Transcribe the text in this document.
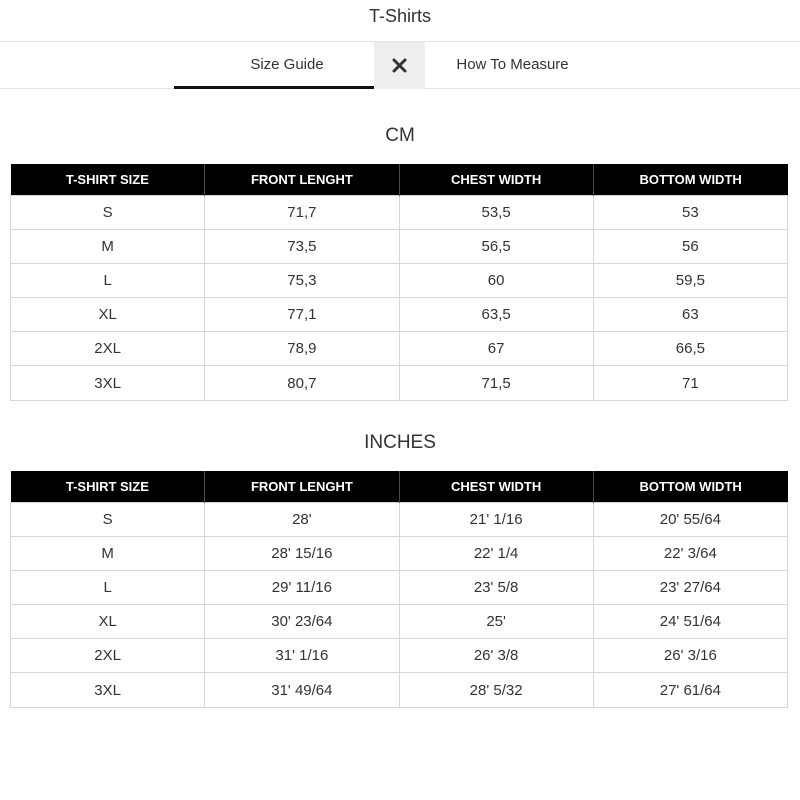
T-Shirts
Size Guide	How To Measure
CM
T-SHIRT SIZE	FRONT LENGHT	CHEST WIDTH	BOTTOM WIDTH
S	71,7	53,5	53
M	73,5	56,5	56
L	75,3	60	59,5
XL	77,1	63,5	63
2XL	78,9	67	66,5
3XL	80,7	71,5	71
INCHES
T-SHIRT SIZE	FRONT LENGHT	CHEST WIDTH	BOTTOM WIDTH
S	28'	21' 1/16	20' 55/64
M	28' 15/16	22' 1/4	22' 3/64
L	29' 11/16	23' 5/8	23' 27/64
XL	30' 23/64	25'	24' 51/64
2XL	31' 1/16	26' 3/8	26' 3/16
3XL	31' 49/64	28' 5/32	27' 61/64
